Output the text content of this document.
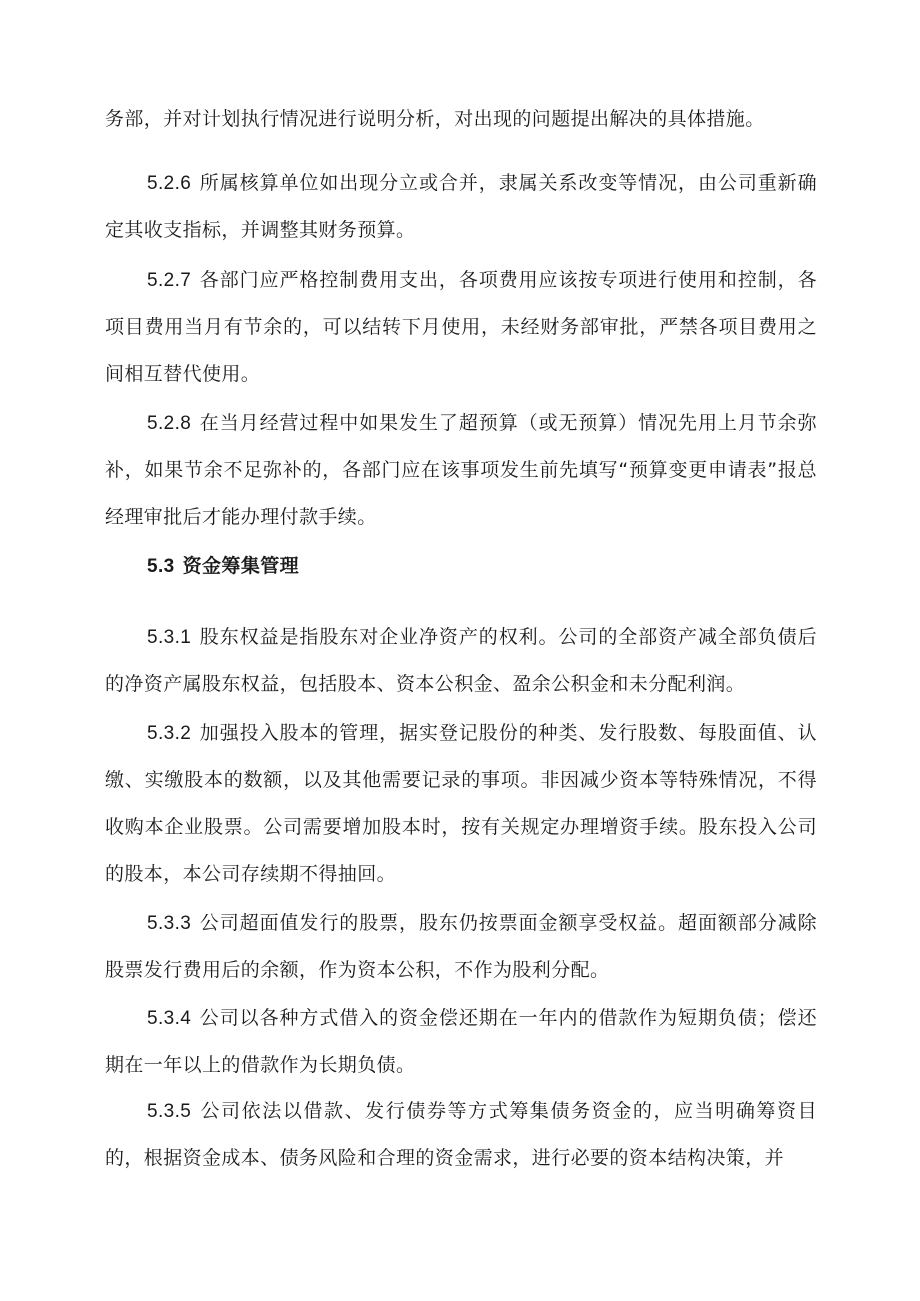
务部，并对计划执行情况进行说明分析，对出现的问题提出解决的具体措施。

5.2.6 所属核算单位如出现分立或合并，隶属关系改变等情况，由公司重新确定其收支指标，并调整其财务预算。

5.2.7 各部门应严格控制费用支出，各项费用应该按专项进行使用和控制，各项目费用当月有节余的，可以结转下月使用，未经财务部审批，严禁各项目费用之间相互替代使用。

5.2.8 在当月经营过程中如果发生了超预算（或无预算）情况先用上月节余弥补，如果节余不足弥补的，各部门应在该事项发生前先填写“预算变更申请表”报总经理审批后才能办理付款手续。

5.3 资金筹集管理

5.3.1 股东权益是指股东对企业净资产的权利。公司的全部资产减全部负债后的净资产属股东权益，包括股本、资本公积金、盈余公积金和未分配利润。

5.3.2 加强投入股本的管理，据实登记股份的种类、发行股数、每股面值、认缴、实缴股本的数额，以及其他需要记录的事项。非因减少资本等特殊情况，不得收购本企业股票。公司需要增加股本时，按有关规定办理增资手续。股东投入公司的股本，本公司存续期不得抽回。

5.3.3 公司超面值发行的股票，股东仍按票面金额享受权益。超面额部分减除股票发行费用后的余额，作为资本公积，不作为股利分配。

5.3.4 公司以各种方式借入的资金偿还期在一年内的借款作为短期负债；偿还期在一年以上的借款作为长期负债。

5.3.5 公司依法以借款、发行债券等方式筹集债务资金的，应当明确筹资目的，根据资金成本、债务风险和合理的资金需求，进行必要的资本结构决策，并
